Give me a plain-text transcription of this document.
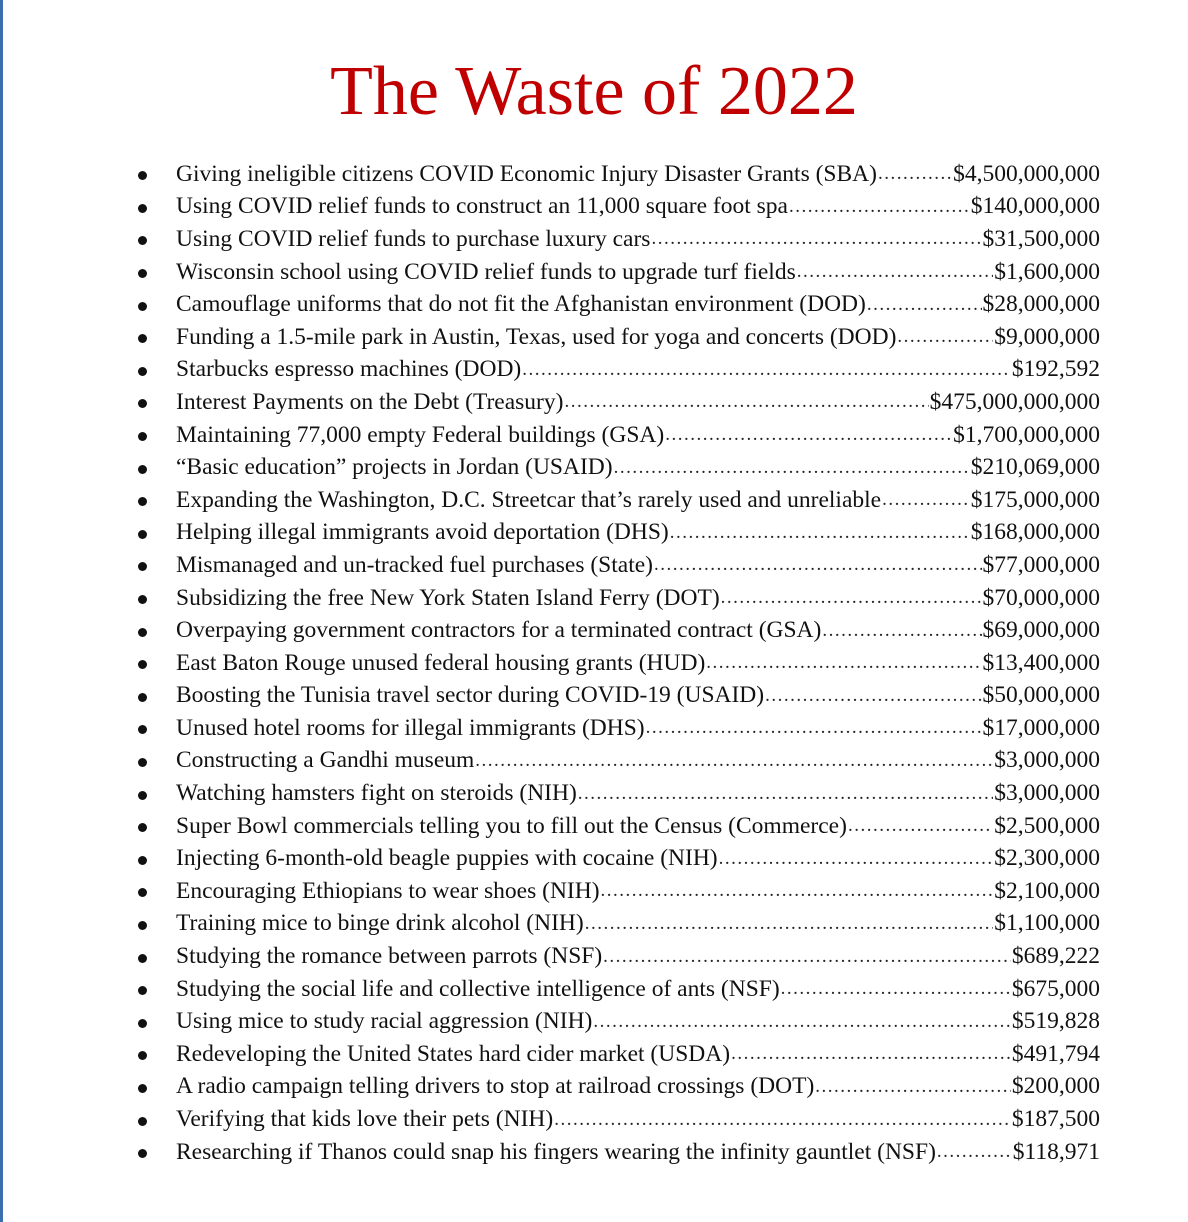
The Waste of 2022
Giving ineligible citizens COVID Economic Injury Disaster Grants (SBA) .....	$4,500,000,000
Using COVID relief funds to construct an 11,000 square foot spa .....	$140,000,000
Using COVID relief funds to purchase luxury cars .....	$31,500,000
Wisconsin school using COVID relief funds to upgrade turf fields .....	$1,600,000
Camouflage uniforms that do not fit the Afghanistan environment (DOD) .....	$28,000,000
Funding a 1.5-mile park in Austin, Texas, used for yoga and concerts (DOD) .....	$9,000,000
Starbucks espresso machines (DOD) .....	$192,592
Interest Payments on the Debt (Treasury) .....	$475,000,000,000
Maintaining 77,000 empty Federal buildings (GSA) .....	$1,700,000,000
“Basic education” projects in Jordan (USAID) .....	$210,069,000
Expanding the Washington, D.C. Streetcar that’s rarely used and unreliable .....	$175,000,000
Helping illegal immigrants avoid deportation (DHS) .....	$168,000,000
Mismanaged and un-tracked fuel purchases (State) .....	$77,000,000
Subsidizing the free New York Staten Island Ferry (DOT) .....	$70,000,000
Overpaying government contractors for a terminated contract (GSA) .....	$69,000,000
East Baton Rouge unused federal housing grants (HUD) .....	$13,400,000
Boosting the Tunisia travel sector during COVID-19 (USAID) .....	$50,000,000
Unused hotel rooms for illegal immigrants (DHS) .....	$17,000,000
Constructing a Gandhi museum .....	$3,000,000
Watching hamsters fight on steroids (NIH) .....	$3,000,000
Super Bowl commercials telling you to fill out the Census (Commerce) .....	$2,500,000
Injecting 6-month-old beagle puppies with cocaine (NIH) .....	$2,300,000
Encouraging Ethiopians to wear shoes (NIH) .....	$2,100,000
Training mice to binge drink alcohol (NIH) .....	$1,100,000
Studying the romance between parrots (NSF) .....	$689,222
Studying the social life and collective intelligence of ants (NSF) .....	$675,000
Using mice to study racial aggression (NIH) .....	$519,828
Redeveloping the United States hard cider market (USDA) .....	$491,794
A radio campaign telling drivers to stop at railroad crossings (DOT) .....	$200,000
Verifying that kids love their pets (NIH) .....	$187,500
Researching if Thanos could snap his fingers wearing the infinity gauntlet (NSF) .....	$118,971
